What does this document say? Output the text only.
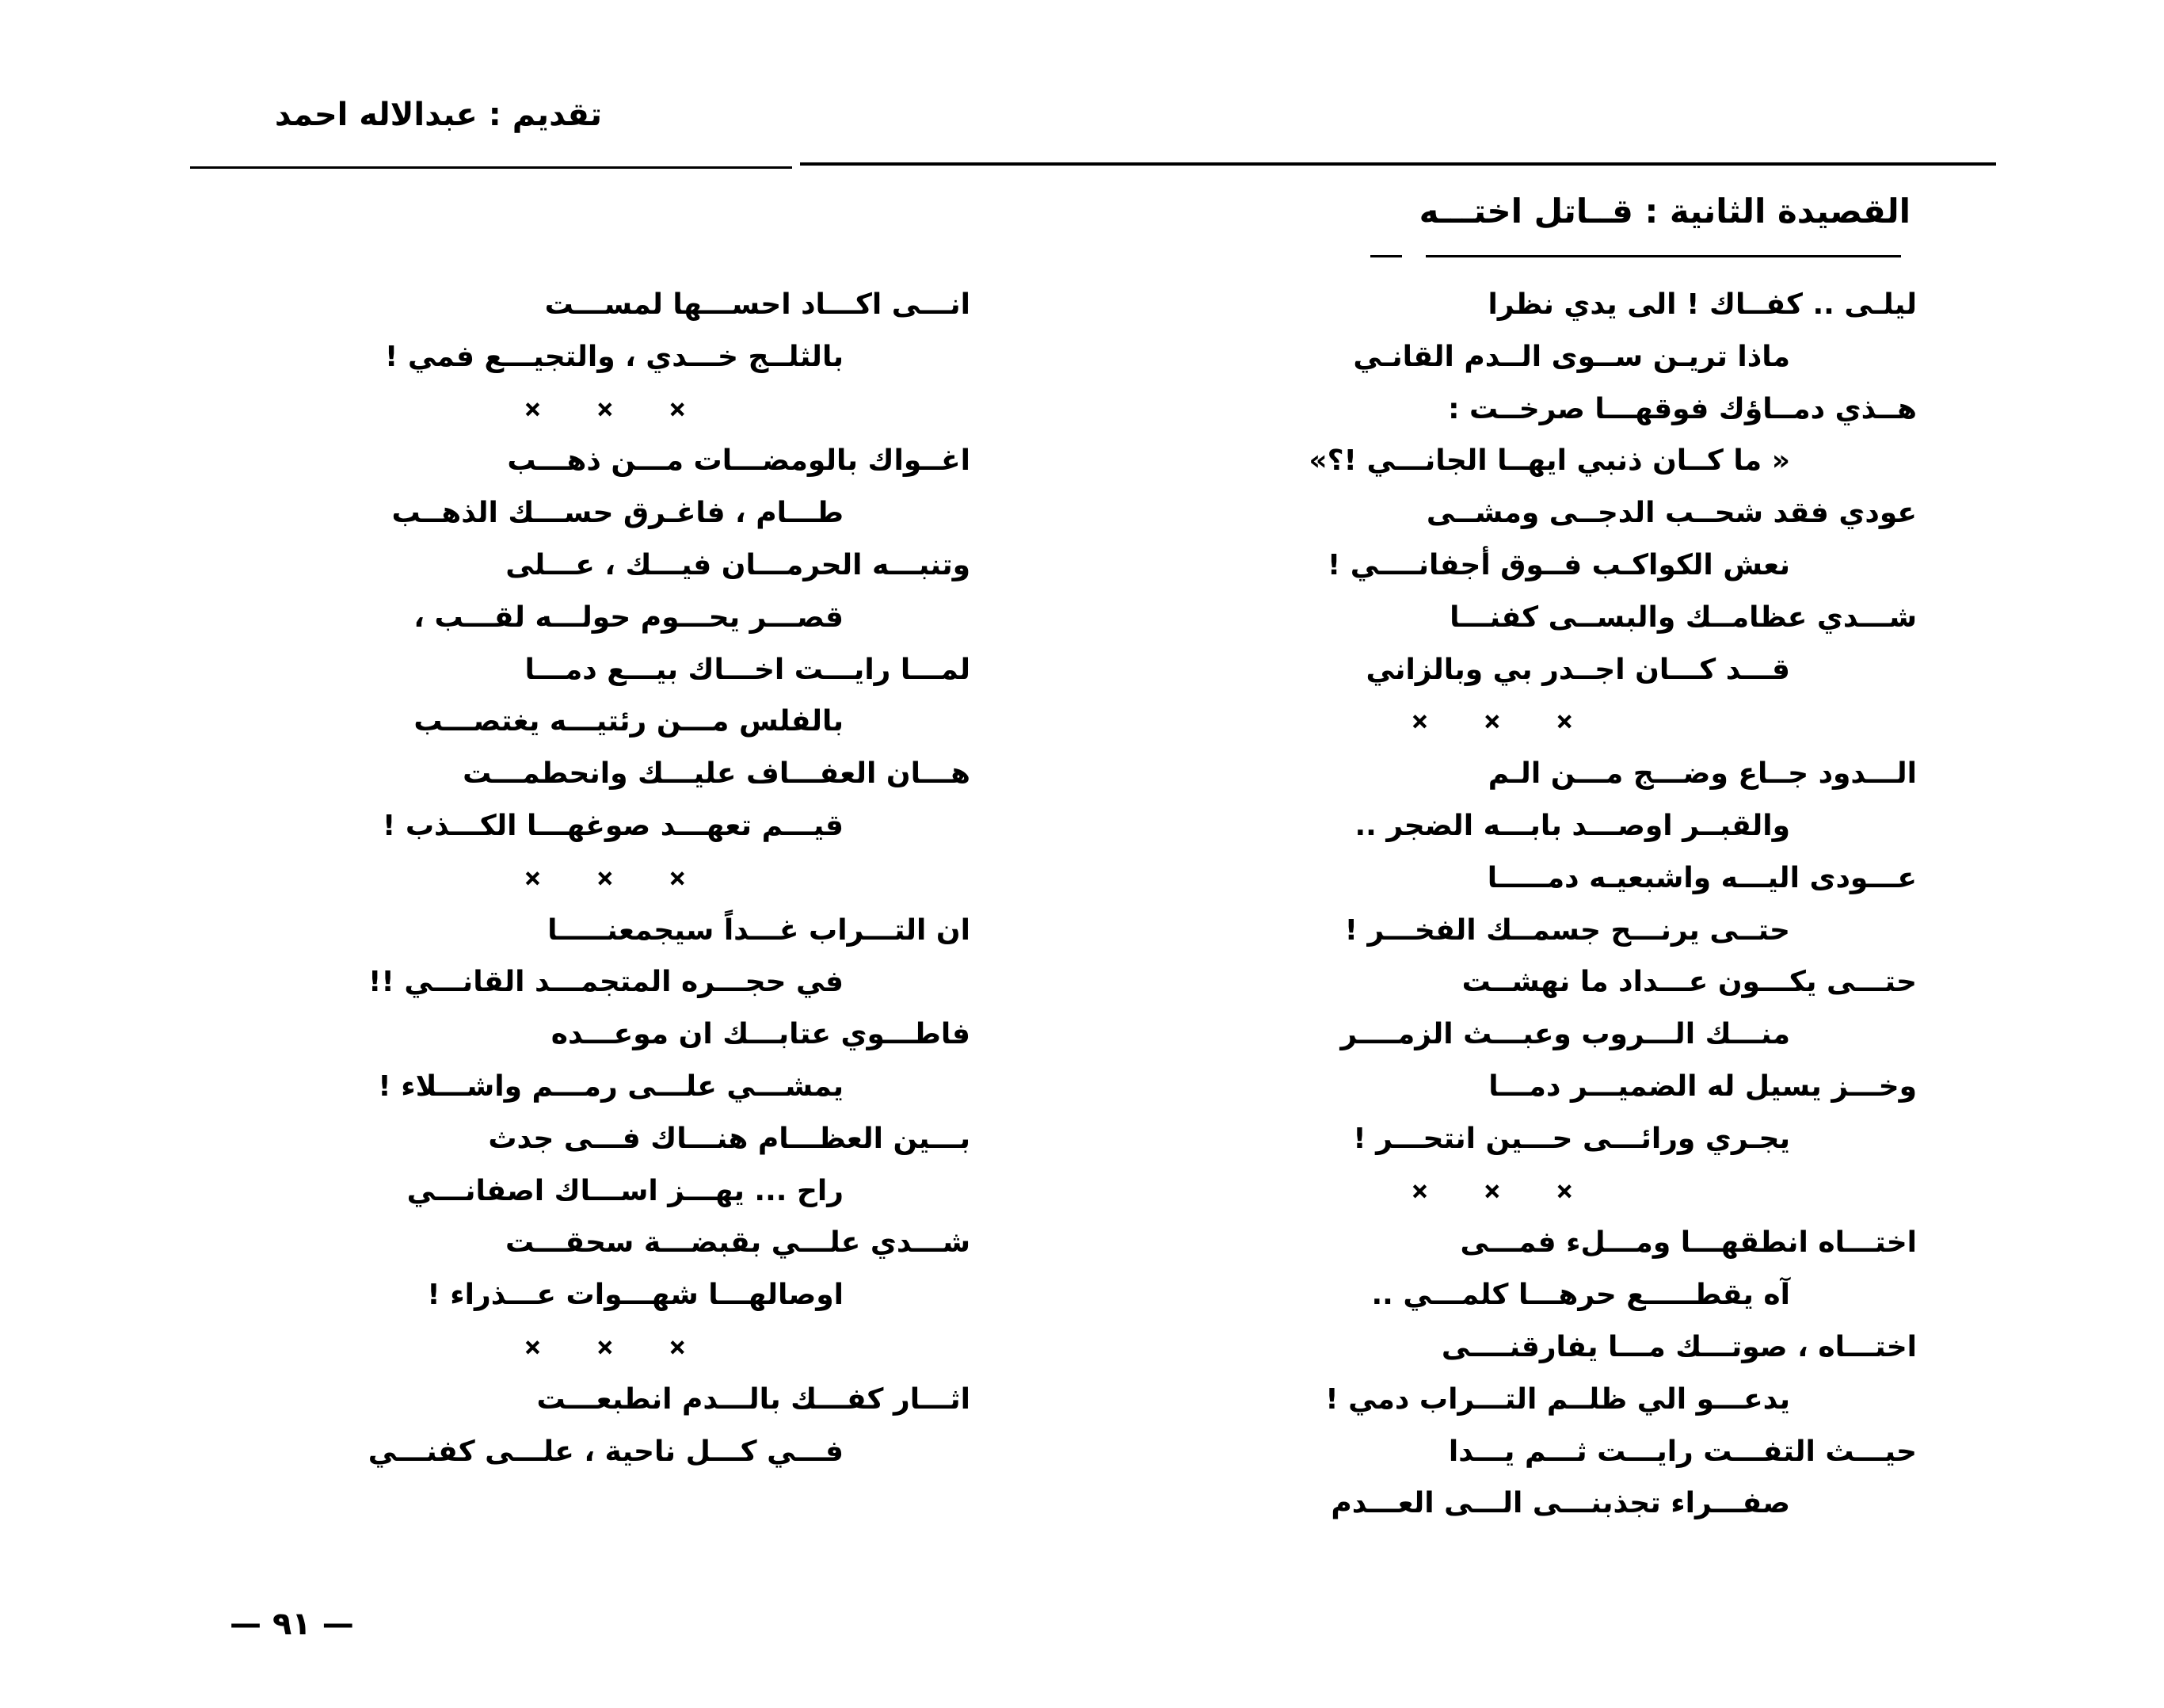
تقديم : عبدالاله احمد
القصيدة الثانية : قــاتل اختـــه
ليلـى .. كفــاك ! الى يدي نظرا
ماذا تريـن ســوى الــدم القانـي
هــذي دمــاؤك فوقهـــا صرخــت :
« ما كــان ذنبي ايهــا الجانـــي !؟»
عودي فقد شحــب الدجــى ومشــى
نعش الكواكـب فــوق أجفانــــي !
شـــدي عظامــك والبســى كفنـــا
قـــد كـــان اجــدر بي وبالزاني
× × ×
الـــدود جــاع وضـــج مـــن الـم
والقبــر اوصـــد بابـــه الضجر ..
عـــودى اليـــه واشبعيـه دمـــــا
حتــى يرنـــح جسمــك الفخـــر !
حتـــى يكـــون عـــداد ما نهشــت
منـــك الـــروب وعبـــث الزمــــر
وخـــز يسيل له الضميـــر دمـــا
يجـري ورائـــى حـــين انتحـــر !
× × ×
اختـــاه انطقهـــا ومـــلء فمـــى
آه يقطـــــع حرهـــا كلمـــي ..
اختـــاه ، صوتـــك مـــا يفارقنــــى
يدعـــو الي ظلــم التـــراب دمي !
حيـــث التفـــت رايـــت ثـــم يـــدا
صفـــراء تجذبنـــى الـــى العـــدم
انـــى اكـــاد احســـها لمســـت
بالثلــج خـــدي ، والتجيـــع فمي !
× × ×
اغــواك بالومضـــات مـــن ذهـــب
طـــام ، فاغـرق حســـك الذهــب
وتنبـــه الحرمـــان فيـــك ، عـــلى
قصـــر يحـــوم حولـــه لقـــب ،
لمـــا رايـــت اخـــاك بيـــع دمـــا
بالفلس مـــن رئتيـــه يغتصـــب
هـــان العفـــاف عليـــك وانحطمـــت
قيـــم تعهـــد صوغهـــا الكـــذب !
× × ×
ان التـــراب غـــداً سيجمعنـــــا
في حجـــره المتجمـــد القانـــي !!
فاطـــوي عتابـــك ان موعـــده
يمشـــي علـــى رمـــم واشـــلاء !
بـــين العظـــام هنـــاك فـــى جدث
راح ... يهـــز اســـاك اصفانـــي
شـــدي علـــي بقبضـــة سحقـــت
اوصالهـــا شهـــوات عـــذراء !
× × ×
اثـــار كفـــك بالـــدم انطبعـــت
فـــي كـــل ناحية ، علـــى كفنـــي
— ٩١ —
